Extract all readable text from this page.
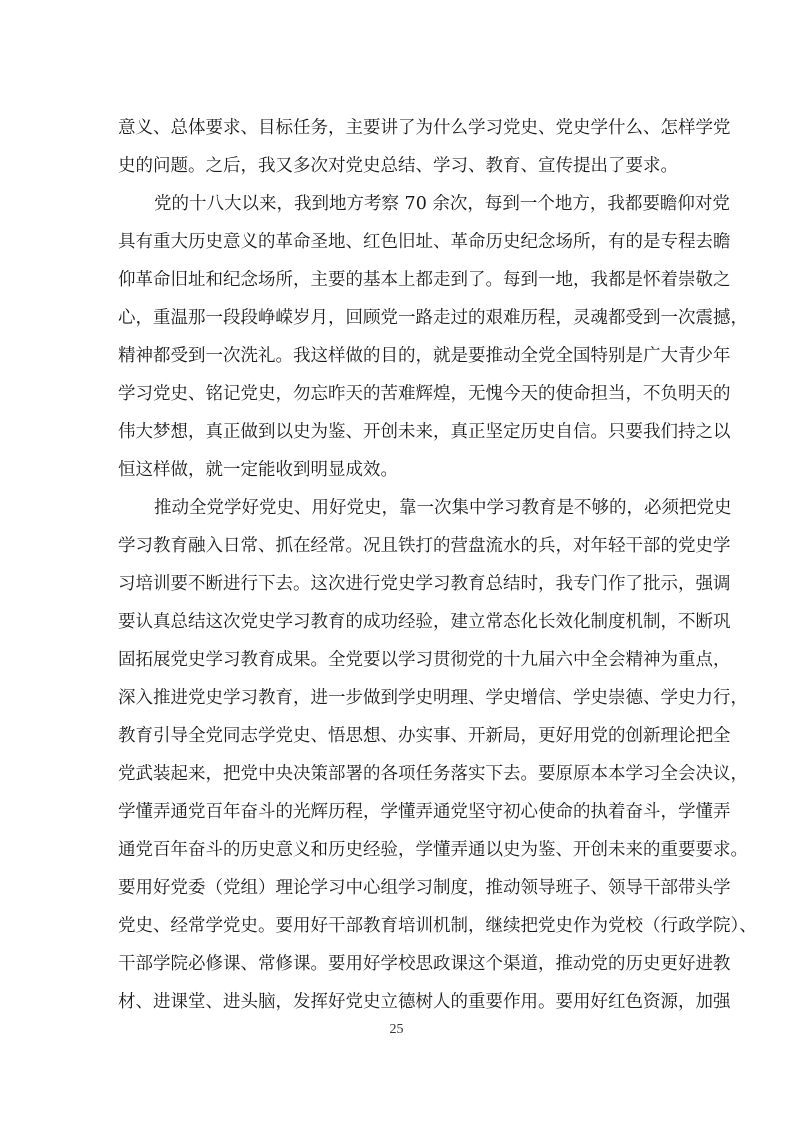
意义、总体要求、目标任务，主要讲了为什么学习党史、党史学什么、怎样学党
史的问题。之后，我又多次对党史总结、学习、教育、宣传提出了要求。
党的十八大以来，我到地方考察 70 余次，每到一个地方，我都要瞻仰对党
具有重大历史意义的革命圣地、红色旧址、革命历史纪念场所，有的是专程去瞻
仰革命旧址和纪念场所，主要的基本上都走到了。每到一地，我都是怀着崇敬之
心，重温那一段段峥嵘岁月，回顾党一路走过的艰难历程，灵魂都受到一次震撼，
精神都受到一次洗礼。我这样做的目的，就是要推动全党全国特别是广大青少年
学习党史、铭记党史，勿忘昨天的苦难辉煌，无愧今天的使命担当，不负明天的
伟大梦想，真正做到以史为鉴、开创未来，真正坚定历史自信。只要我们持之以
恒这样做，就一定能收到明显成效。
推动全党学好党史、用好党史，靠一次集中学习教育是不够的，必须把党史
学习教育融入日常、抓在经常。况且铁打的营盘流水的兵，对年轻干部的党史学
习培训要不断进行下去。这次进行党史学习教育总结时，我专门作了批示，强调
要认真总结这次党史学习教育的成功经验，建立常态化长效化制度机制，不断巩
固拓展党史学习教育成果。全党要以学习贯彻党的十九届六中全会精神为重点，
深入推进党史学习教育，进一步做到学史明理、学史增信、学史崇德、学史力行，
教育引导全党同志学党史、悟思想、办实事、开新局，更好用党的创新理论把全
党武装起来，把党中央决策部署的各项任务落实下去。要原原本本学习全会决议，
学懂弄通党百年奋斗的光辉历程，学懂弄通党坚守初心使命的执着奋斗，学懂弄
通党百年奋斗的历史意义和历史经验，学懂弄通以史为鉴、开创未来的重要要求。
要用好党委（党组）理论学习中心组学习制度，推动领导班子、领导干部带头学
党史、经常学党史。要用好干部教育培训机制，继续把党史作为党校（行政学院）、
干部学院必修课、常修课。要用好学校思政课这个渠道，推动党的历史更好进教
材、进课堂、进头脑，发挥好党史立德树人的重要作用。要用好红色资源，加强
25
